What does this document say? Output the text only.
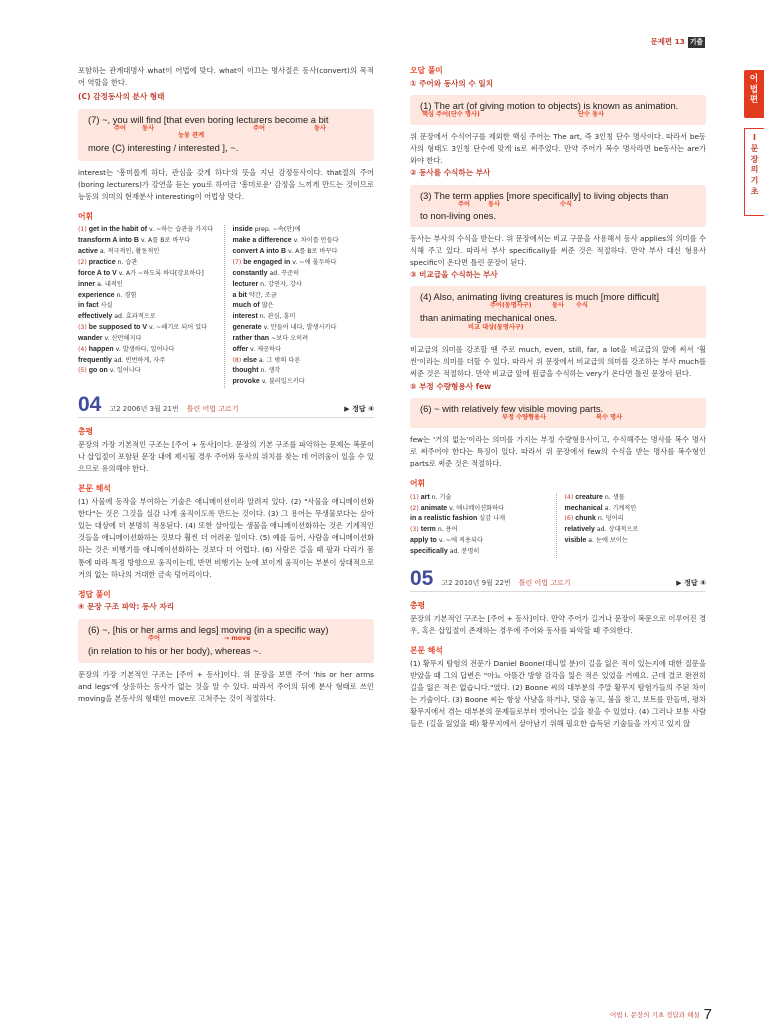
문제편 13 기출
어
법
편
I
문
장
의
기
초

포함하는 관계대명사 what이 어법에 맞다. what이 이끄는 명사절은 동사(convert)의 목적어 역할을 한다.

(C) 감정동사의 분사 형태

(7) ~, you will find [that even boring lecturers become a bit
주어	동사
능동 관계
주어	동사
more (C) interesting / interested ], ~.

interest는 '흥미롭게 하다, 관심을 갖게 하다'의 뜻을 지닌 감정동사이다. that절의 주어(boring lecturers)가 강연을 듣는 you로 하여금 '흥미로운' 감정을 느끼게 만드는 것이므로 능동의 의미의 현재분사 interesting이 어법상 맞다.

어휘

(1) get in the habit of v. ~하는 습관을 가지다
transform A into B v. A를 B로 바꾸다
active a. 적극적인, 활동적인
(2) practice n. 습관
force A to V v. A가 ~하도록 하다[강요하다]
inner a. 내적인
experience n. 경험
in fact 사실
effectively ad. 효과적으로
(3) be supposed to V v. ~해기로 되어 있다
wander v. 산만해지다
(4) happen v. 발생하다, 일어나다
frequently ad. 빈번하게, 자주
(5) go on v. 일어나다
inside prep. ~속(안)에
make a difference v. 차이를 만들다
convert A into B v. A를 B로 바꾸다
(7) be engaged in v. ~에 몰두하다
constantly ad. 꾸준히
lecturer n. 강연자, 강사
a bit 약간, 조금
much of 많은
interest n. 관심, 흥미
generate v. 만들어 내다, 발생시키다
rather than ~보다 오히려
offer v. 제공하다
(8) else a. 그 밖의 다른
thought n. 생각
provoke v. 불러일으키다
04 고2 2006년 3월 21번 틀린 어법 고르기	▶ 정답 ④

총평

문장의 가장 기본적인 구조는 [주어 + 동사]이다. 문장의 기본 구조를 파악하는 문제는 복문이나 삽입절이 포함된 문장 내에 제시될 경우 주어와 동사의 위치를 찾는 데 어려움이 있을 수 있으므로 유의해야 한다.

본문 해석

(1) 사물에 동작을 부여하는 기술은 애니메이션이라 알려져 있다. (2) "사물을 애니메이션화한다"는 것은 그것을 실감 나게 움직이도록 만드는 것이다. (3) 그 용어는 무생물보다는 살아있는 대상에 더 분명히 적용된다. (4) 또한 살아있는 생물을 애니메이션화하는 것은 기계적인 것들을 애니메이션화하는 것보다 훨씬 더 어려운 일이다. (5) 예를 들어, 사람을 애니메이션화하는 것은 비행기를 애니메이션화하는 것보다 더 어렵다. (6) 사람은 걸을 때 팔과 다리가 몸통에 따라 특정 방향으로 움직이는데, 반면 비행기는 눈에 보이게 움직이는 부분이 상대적으로 거의 없는 하나의 거대한 금속 덩어리이다.

정답 풀이

④ 문장 구조 파악: 동사 자리

(6) ~, [his or her arms and legs] moving (in a specific way)
주어	→ move
(in relation to his or her body), whereas ~.

문장의 가장 기본적인 구조는 [주어 + 동사]이다. 위 문장을 보면 주어 'his or her arms and legs'에 상응하는 동사가 없는 것을 알 수 있다. 따라서 주어의 뒤에 분사 형태로 쓰인 moving을 본동사의 형태인 move로 고쳐주는 것이 적절하다.

오답 풀이

① 주어와 동사의 수 일치

(1) The art (of giving motion to objects) is known as animation.
핵심 주어(단수 명사)	단수 동사

위 문장에서 수식어구를 제외한 핵심 주어는 The art, 즉 3인칭 단수 명사이다. 따라서 be동사의 형태도 3인칭 단수에 맞게 is로 써주었다. 만약 주어가 복수 명사라면 be동사는 are가 와야 한다.

② 동사를 수식하는 부사

(3) The term applies [more specifically] to living objects than
주어	동사	수식
to non-living ones.

동사는 부사의 수식을 받는다. 위 문장에서는 비교 구문을 사용해서 동사 applies의 의미를 수식해 주고 있다. 따라서 부사 specifically를 써준 것은 적절하다. 만약 부사 대신 형용사 specific이 온다면 틀린 문장이 된다.

③ 비교급을 수식하는 부사

(4) Also, animating living creatures is much [more difficult]
주어(동명사구)	동사 수식
than animating mechanical ones.
비교 대상(동명사구)

비교급의 의미를 강조할 땐 주로 much, even, still, far, a lot을 비교급의 앞에 써서 '훨씬'이라는 의미를 더할 수 있다. 따라서 위 문장에서 비교급의 의미를 강조하는 부사 much를 써준 것은 적절하다. 만약 비교급 앞에 원급을 수식하는 very가 온다면 틀린 문장이 된다.

⑤ 부정 수량형용사 few

(6) ~ with relatively few visible moving parts.
부정 수량형용사	복수 명사

few는 '거의 없는'이라는 의미를 가지는 부정 수량형용사이고, 수식해주는 명사를 복수 명사로 써주어야 한다는 특징이 있다. 따라서 위 문장에서 few의 수식을 받는 명사를 복수형인 parts로 써준 것은 적절하다.

어휘

(1) art n. 기술
(2) animate v. 애니메이션화하다
in a realistic fashion 실감 나게
(3) term n. 용어
apply to v. ~에 적용되다
specifically ad. 분명히
(4) creature n. 생물
mechanical a. 기계적인
(6) chunk n. 덩어리
relatively ad. 상대적으로
visible a. 눈에 보이는
05 고2 2010년 9월 22번 틀린 어법 고르기	▶ 정답 ④

총평

문장의 기본적인 구조는 [주어 + 동사]이다. 만약 주어가 길거나 문장이 복문으로 이루어진 경우, 혹은 삽입절이 존재하는 경우에 주어와 동사를 파악할 때 주의한다.

본문 해석

(1) 황무지 탐험의 전문가 Daniel Boone(대니얼 분)이 길을 잃은 적이 있는지에 대한 질문을 받았을 때 그의 답변은 "아뇨 아뜰간 방향 감각을 잃은 적은 있었을 거예요. 근데 결코 완전히 길을 잃은 적은 없습니다."였다. (2) Boone 씨의 대부분의 주말 황무지 탐험가들의 주된 차이는 기술이다. (3) Boone 씨는 항상 사냥을 하거나, 덫을 놓고, 불을 찾고, 보트를 만들며, 평차 황무지에서 겪는 대부분의 문제들로부터 벗어나는 길을 찾을 수 있었다. (4) 그러나 보통 사람들은 (길을 잃었을 때) 황무지에서 살아남기 위해 필요한 습득된 기술들을 가지고 있지 않

어법 I. 문장의 기초 정답과 해설 7
